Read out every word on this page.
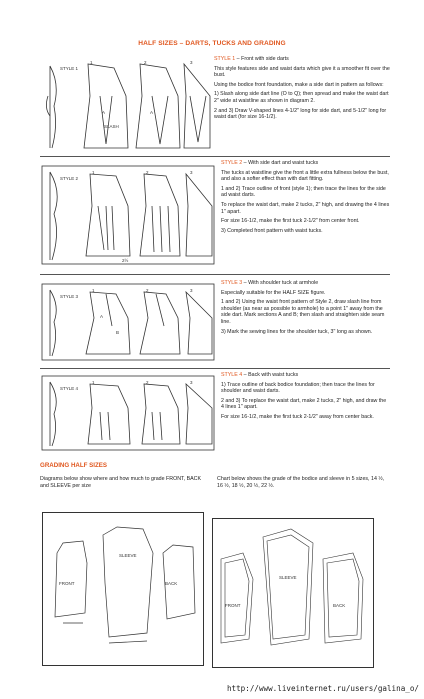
HALF SIZES – DARTS, TUCKS AND GRADING
STYLE 1
1	2	3
A	A
SLASH

STYLE 1 – Front with side darts

This style features side and waist darts which give it a smoother fit over the bust.

Using the bodice front foundation, make a side dart in pattern as follows:

1) Slash along side dart line (O to Q); then spread and make the waist dart 2" wide at waistline as shown in diagram 2.

2 and 3) Draw V-shaped lines 4-1/2" long for side dart, and 5-1/2" long for waist dart (for size 16-1/2).

STYLE 2
1	2	3
2½

STYLE 2 – With side dart and waist tucks

The tucks at waistline give the front a little extra fullness below the bust, and also a softer effect than with dart fitting.

1 and 2) Trace outline of front (style 1); then trace the lines for the side ad waist darts.

To replace the waist dart, make 2 tucks, 2" high, and drawing the 4 lines 1" apart.

For size 16-1/2, make the first tuck 2-1/2" from center front.

3) Completed front pattern with waist tucks.

STYLE 3
1	2	3
A
B

STYLE 3 – With shoulder tuck at armhole

Especially suitable for the HALF SIZE figure.

1 and 2) Using the waist front pattern of Style 2, draw slash line from shoulder (as near as possible to armhole) to a point 1" away from the side dart. Mark sections A and B; then slash and straighten side seam line.

3) Mark the sewing lines for the shoulder tuck, 3" long as shown.

STYLE 4
1	2	3

STYLE 4 – Back with waist tucks

1) Trace outline of back bodice foundation; then trace the lines for shoulder and waist darts.

2 and 3) To replace the waist dart, make 2 tucks, 2" high, and draw the 4 lines 1" apart.

For size 16-1/2, make the first tuck 2-1/2" away from center back.

GRADING HALF SIZES
Diagrams below show where and how much to grade FRONT, BACK and SLEEVE per size
Chart below shows the grade of the bodice and sleeve in 5 sizes, 14 ½, 16 ½, 18 ½, 20 ½, 22 ½.
FRONT	BACK
SLEEVE
FRONT
SLEEVE
BACK
http://www.liveinternet.ru/users/galina_o/
